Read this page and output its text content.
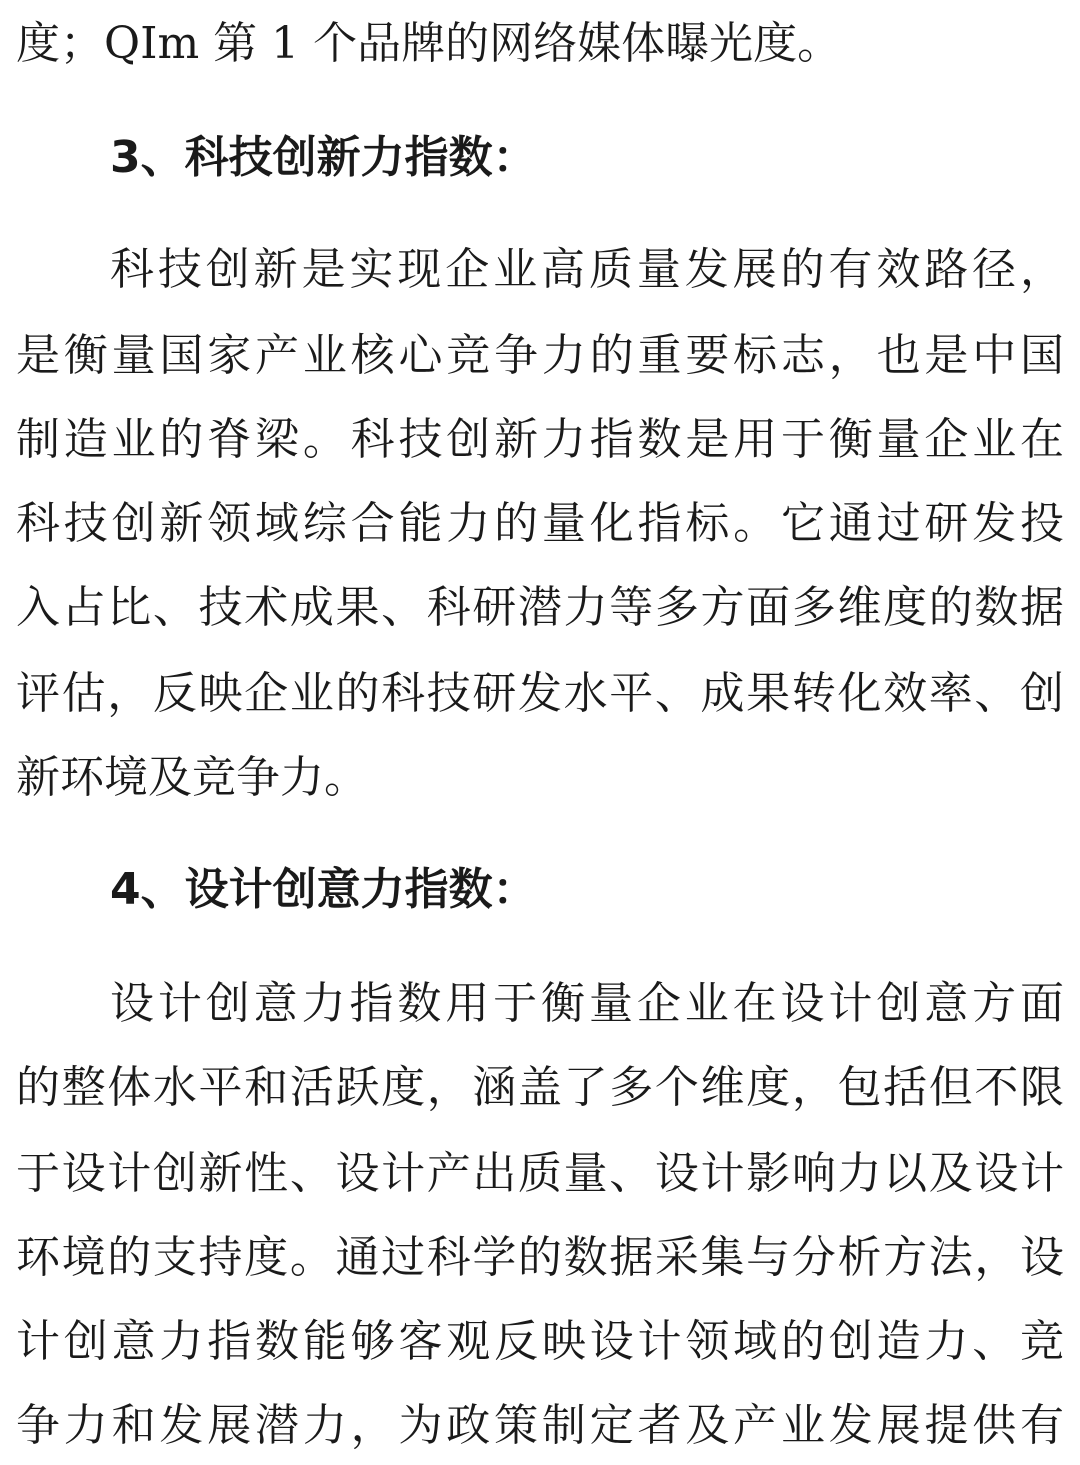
度；QIm 第 1 个品牌的网络媒体曝光度。
3、科技创新力指数：
科技创新是实现企业高质量发展的有效路径，
是衡量国家产业核心竞争力的重要标志，也是中国
制造业的脊梁。科技创新力指数是用于衡量企业在
科技创新领域综合能力的量化指标。它通过研发投
入占比、技术成果、科研潜力等多方面多维度的数据
评估，反映企业的科技研发水平、成果转化效率、创
新环境及竞争力。
4、设计创意力指数：
设计创意力指数用于衡量企业在设计创意方面
的整体水平和活跃度，涵盖了多个维度，包括但不限
于设计创新性、设计产出质量、设计影响力以及设计
环境的支持度。通过科学的数据采集与分析方法，设
计创意力指数能够客观反映设计领域的创造力、竞
争力和发展潜力，为政策制定者及产业发展提供有
